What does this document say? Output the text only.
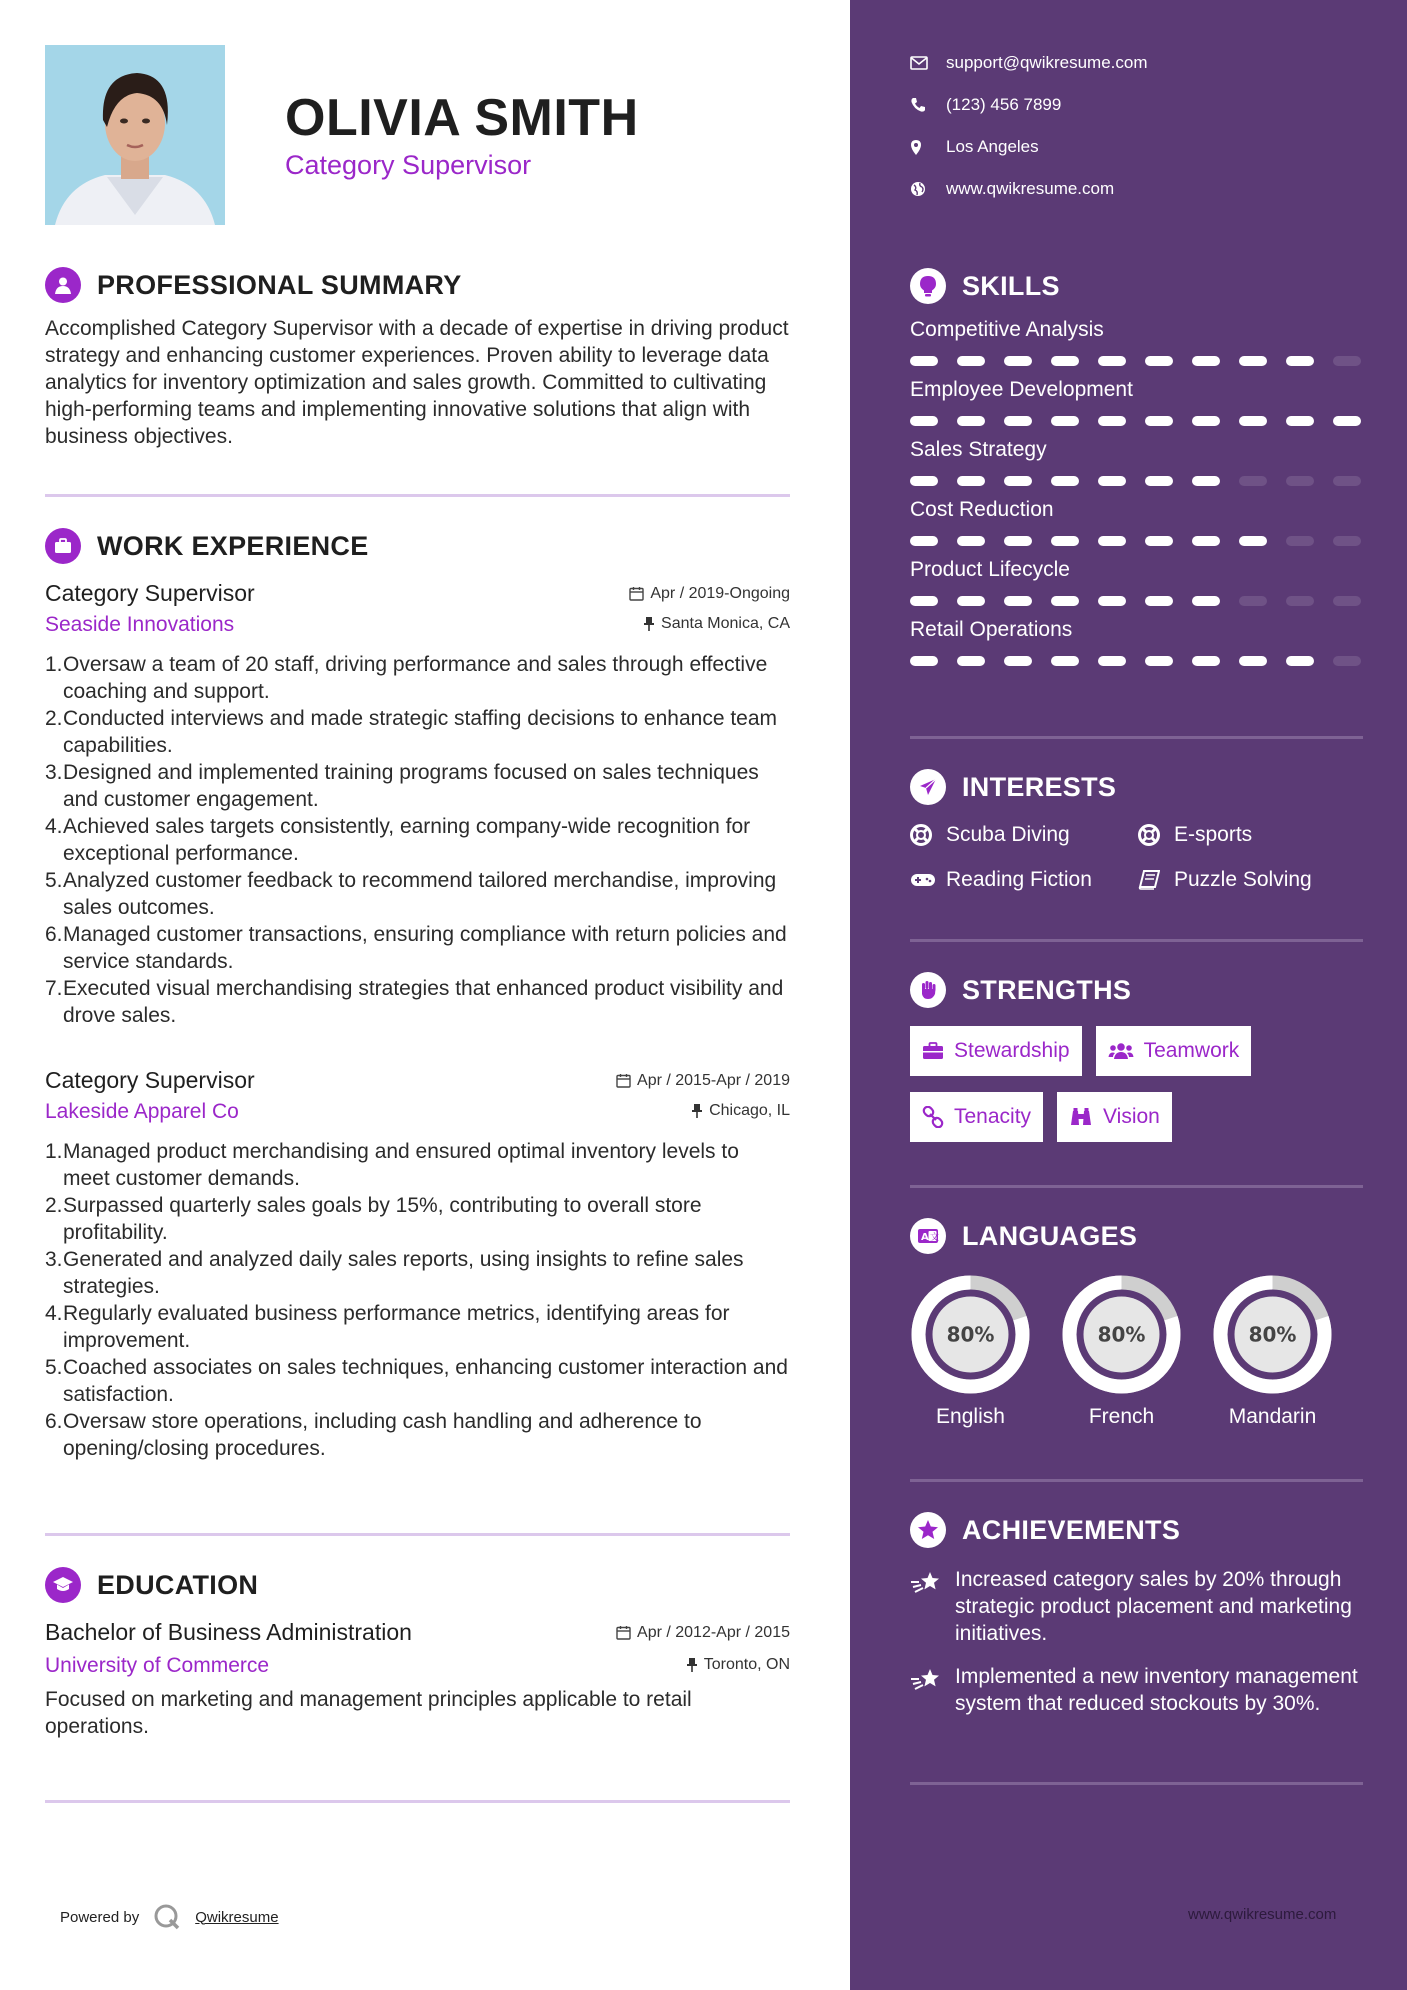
OLIVIA SMITH
Category Supervisor
PROFESSIONAL SUMMARY

Accomplished Category Supervisor with a decade of expertise in driving product strategy and enhancing customer experiences. Proven ability to leverage data analytics for inventory optimization and sales growth. Committed to cultivating high-performing teams and implementing innovative solutions that align with business objectives.

WORK EXPERIENCE
Category Supervisor	Apr / 2019-Ongoing
Seaside Innovations	Santa Monica, CA
1. Oversaw a team of 20 staff, driving performance and sales through effective coaching and support.
2. Conducted interviews and made strategic staffing decisions to enhance team capabilities.
3. Designed and implemented training programs focused on sales techniques and customer engagement.
4. Achieved sales targets consistently, earning company-wide recognition for exceptional performance.
5. Analyzed customer feedback to recommend tailored merchandise, improving sales outcomes.
6. Managed customer transactions, ensuring compliance with return policies and service standards.
7. Executed visual merchandising strategies that enhanced product visibility and drove sales.
Category Supervisor	Apr / 2015-Apr / 2019
Lakeside Apparel Co	Chicago, IL
1. Managed product merchandising and ensured optimal inventory levels to meet customer demands.
2. Surpassed quarterly sales goals by 15%, contributing to overall store profitability.
3. Generated and analyzed daily sales reports, using insights to refine sales strategies.
4. Regularly evaluated business performance metrics, identifying areas for improvement.
5. Coached associates on sales techniques, enhancing customer interaction and satisfaction.
6. Oversaw store operations, including cash handling and adherence to opening/closing procedures.
EDUCATION
Bachelor of Business Administration	Apr / 2012-Apr / 2015
University of Commerce	Toronto, ON

Focused on marketing and management principles applicable to retail operations.

Powered by	Qwikresume
support@qwikresume.com
(123) 456 7899
Los Angeles
www.qwikresume.com
SKILLS
Competitive Analysis
Employee Development
Sales Strategy
Cost Reduction
Product Lifecycle
Retail Operations
INTERESTS
Scuba Diving	E-sports
Reading Fiction	Puzzle Solving
STRENGTHS
Stewardship	Teamwork
Tenacity	Vision
A 文 LANGUAGES
80%
English
80%
French
80%
Mandarin
ACHIEVEMENTS
Increased category sales by 20% through strategic product placement and marketing initiatives.
Implemented a new inventory management system that reduced stockouts by 30%.
www.qwikresume.com
